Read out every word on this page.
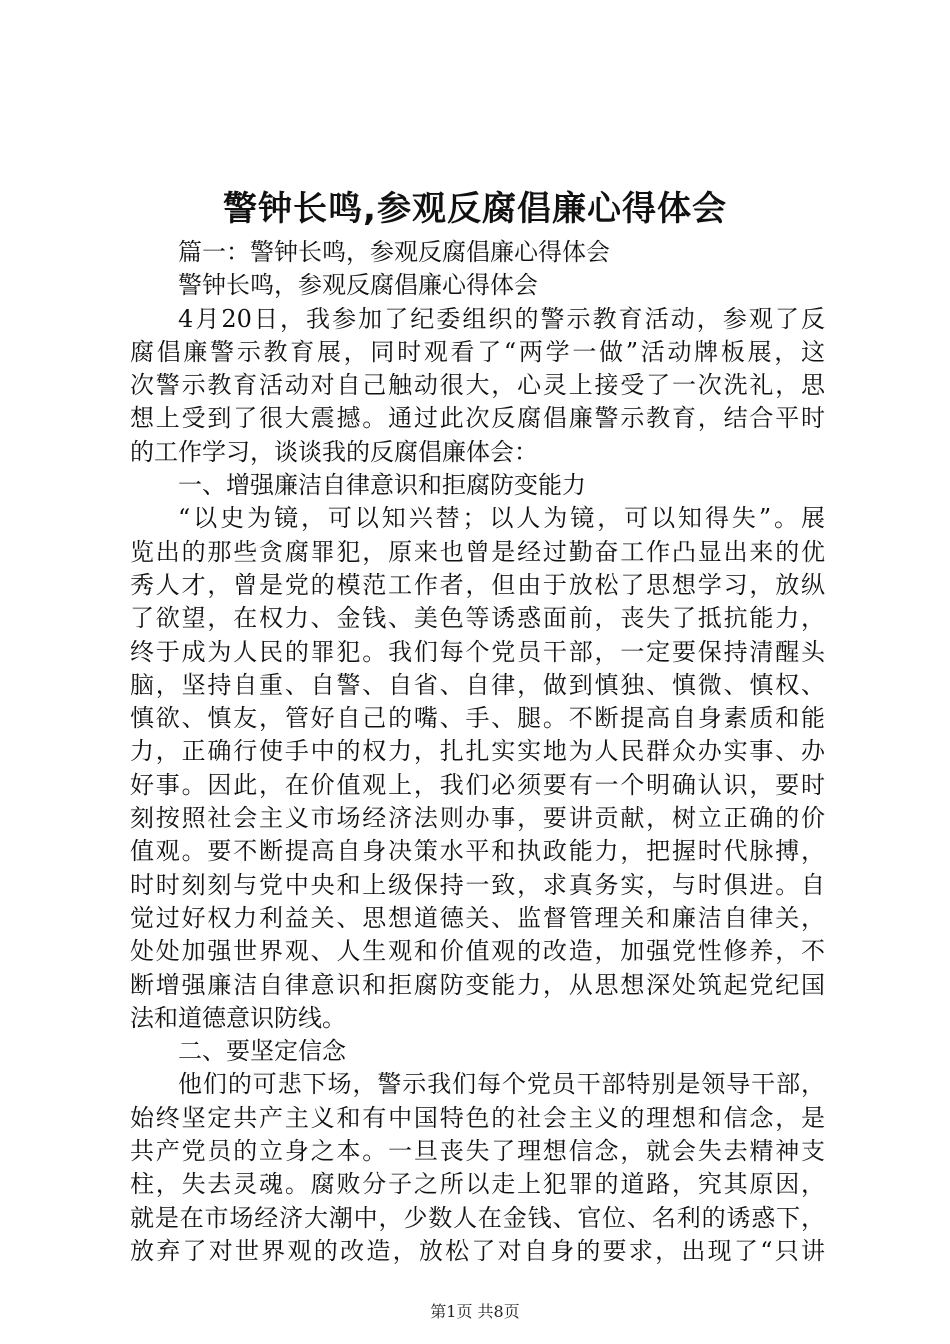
警钟长鸣,参观反腐倡廉心得体会
篇一：警钟长鸣，参观反腐倡廉心得体会
警钟长鸣，参观反腐倡廉心得体会
4月20日，我参加了纪委组织的警示教育活动，参观了反
腐倡廉警示教育展，同时观看了“两学一做”活动牌板展，这
次警示教育活动对自己触动很大，心灵上接受了一次洗礼，思
想上受到了很大震撼。通过此次反腐倡廉警示教育，结合平时
的工作学习，谈谈我的反腐倡廉体会：
一、增强廉洁自律意识和拒腐防变能力
“以史为镜，可以知兴替；以人为镜，可以知得失”。展
览出的那些贪腐罪犯，原来也曾是经过勤奋工作凸显出来的优
秀人才，曾是党的模范工作者，但由于放松了思想学习，放纵
了欲望，在权力、金钱、美色等诱惑面前，丧失了抵抗能力，
终于成为人民的罪犯。我们每个党员干部，一定要保持清醒头
脑，坚持自重、自警、自省、自律，做到慎独、慎微、慎权、
慎欲、慎友，管好自己的嘴、手、腿。不断提高自身素质和能
力，正确行使手中的权力，扎扎实实地为人民群众办实事、办
好事。因此，在价值观上，我们必须要有一个明确认识，要时
刻按照社会主义市场经济法则办事，要讲贡献，树立正确的价
值观。要不断提高自身决策水平和执政能力，把握时代脉搏，
时时刻刻与党中央和上级保持一致，求真务实，与时俱进。自
觉过好权力利益关、思想道德关、监督管理关和廉洁自律关，
处处加强世界观、人生观和价值观的改造，加强党性修养，不
断增强廉洁自律意识和拒腐防变能力，从思想深处筑起党纪国
法和道德意识防线。
二、要坚定信念
他们的可悲下场，警示我们每个党员干部特别是领导干部，
始终坚定共产主义和有中国特色的社会主义的理想和信念，是
共产党员的立身之本。一旦丧失了理想信念，就会失去精神支
柱，失去灵魂。腐败分子之所以走上犯罪的道路，究其原因，
就是在市场经济大潮中，少数人在金钱、官位、名利的诱惑下，
放弃了对世界观的改造，放松了对自身的要求，出现了“只讲
第1页 共8页
